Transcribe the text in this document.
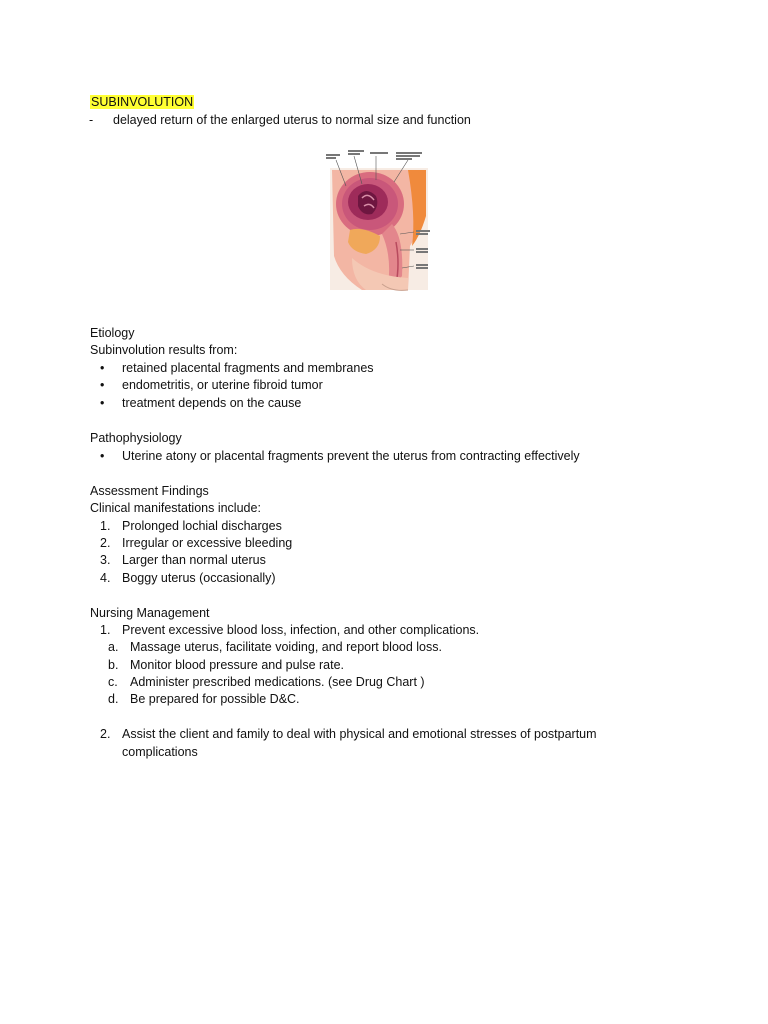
SUBINVOLUTION
- delayed return of the enlarged uterus to normal size and function
Etiology
Subinvolution results from:
•	retained placental fragments and membranes
•	endometritis, or uterine fibroid tumor
•	treatment depends on the cause
Pathophysiology
•	Uterine atony or placental fragments prevent the uterus from contracting effectively
Assessment Findings
Clinical manifestations include:
1. Prolonged lochial discharges
2. Irregular or excessive bleeding
3. Larger than normal uterus
4. Boggy uterus (occasionally)
Nursing Management
1. Prevent excessive blood loss, infection, and other complications.
a. Massage uterus, facilitate voiding, and report blood loss.
b. Monitor blood pressure and pulse rate.
c. Administer prescribed medications. (see Drug Chart )
d. Be prepared for possible D&C.
2. Assist the client and family to deal with physical and emotional stresses of postpartum
complications
